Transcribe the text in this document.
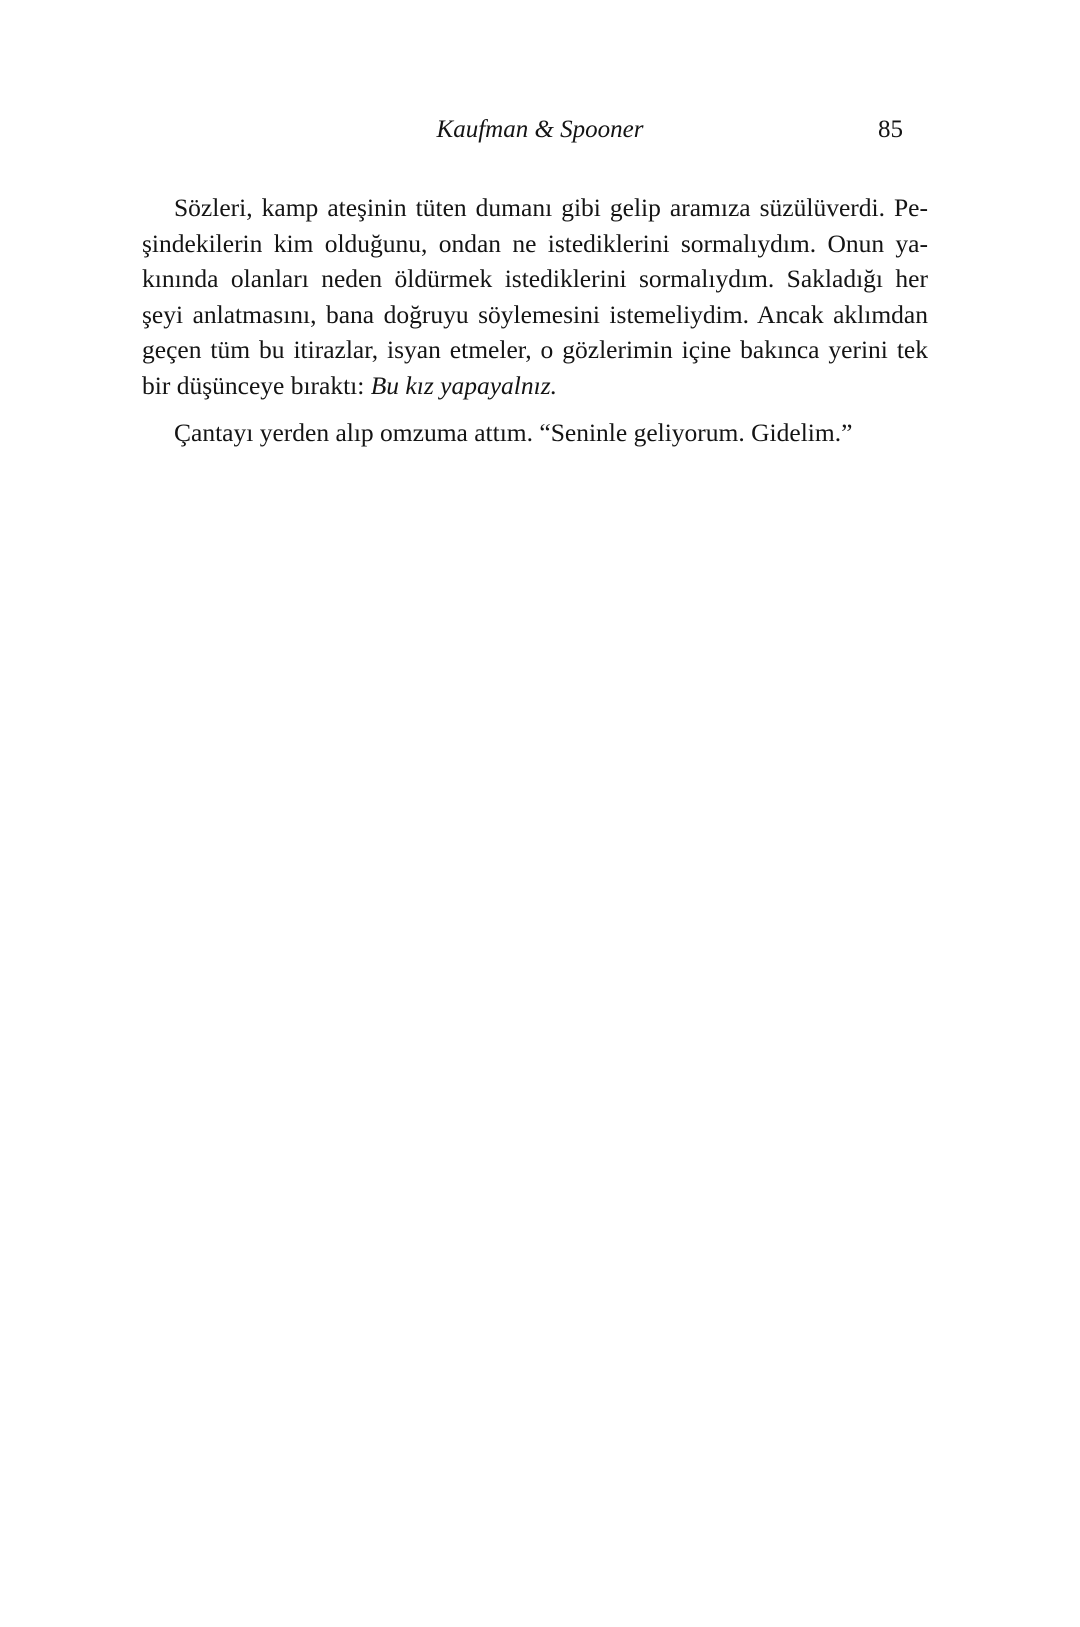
Kaufman & Spooner	85
Sözleri, kamp ateşinin tüten dumanı gibi gelip aramıza süzülüverdi. Pe-
şindekilerin kim olduğunu, ondan ne istediklerini sormalıydım. Onun ya-
kınında olanları neden öldürmek istediklerini sormalıydım. Sakladığı her
şeyi anlatmasını, bana doğruyu söylemesini istemeliydim. Ancak aklımdan
geçen tüm bu itirazlar, isyan etmeler, o gözlerimin içine bakınca yerini tek
bir düşünceye bıraktı: Bu kız yapayalnız.
Çantayı yerden alıp omzuma attım. “Seninle geliyorum. Gidelim.”
